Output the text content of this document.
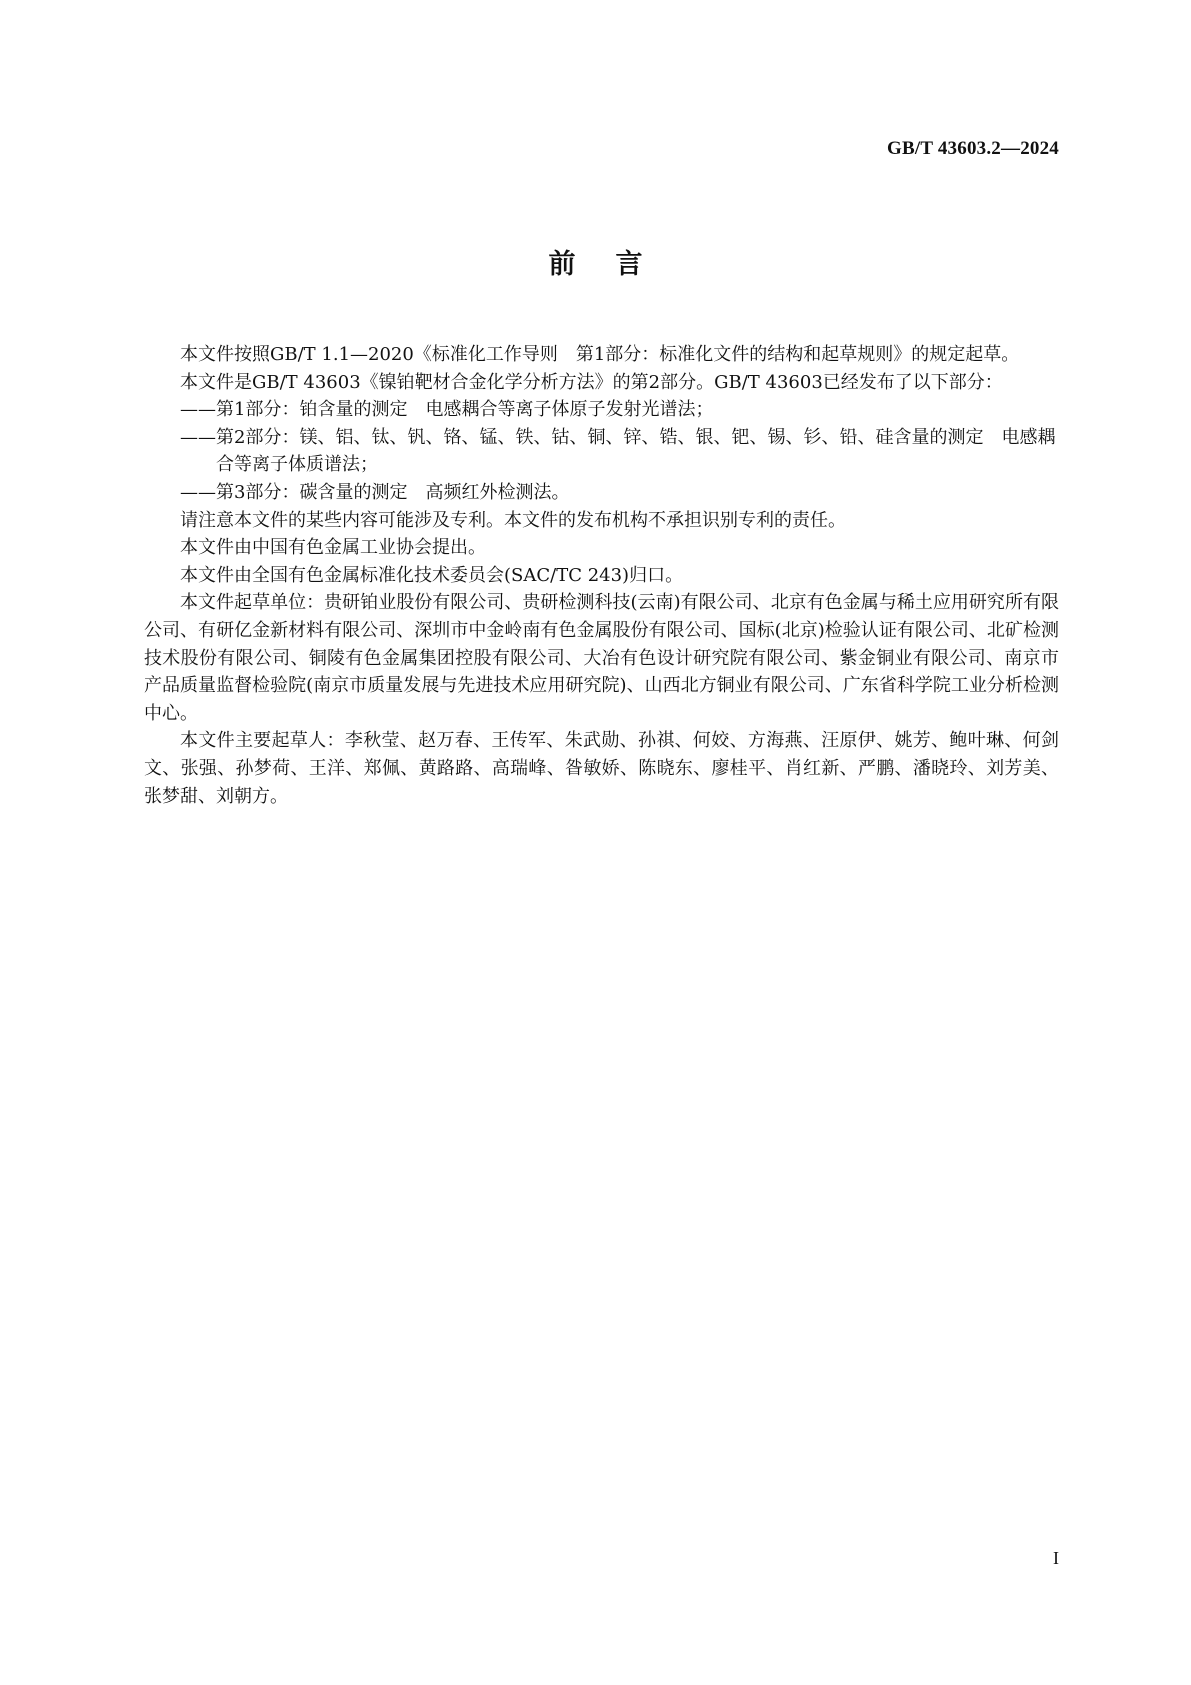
GB/T 43603.2—2024
前言

本文件按照GB/T 1.1—2020《标准化工作导则　第1部分：标准化文件的结构和起草规则》的规定起草。

本文件是GB/T 43603《镍铂靶材合金化学分析方法》的第2部分。GB/T 43603已经发布了以下部分：

——第1部分：铂含量的测定　电感耦合等离子体原子发射光谱法；

——第2部分：镁、铝、钛、钒、铬、锰、铁、钴、铜、锌、锆、银、钯、锡、钐、铅、硅含量的测定　电感耦合等离子体质谱法；

——第3部分：碳含量的测定　高频红外检测法。

请注意本文件的某些内容可能涉及专利。本文件的发布机构不承担识别专利的责任。

本文件由中国有色金属工业协会提出。

本文件由全国有色金属标准化技术委员会(SAC/TC 243)归口。

本文件起草单位：贵研铂业股份有限公司、贵研检测科技(云南)有限公司、北京有色金属与稀土应用研究所有限公司、有研亿金新材料有限公司、深圳市中金岭南有色金属股份有限公司、国标(北京)检验认证有限公司、北矿检测技术股份有限公司、铜陵有色金属集团控股有限公司、大冶有色设计研究院有限公司、紫金铜业有限公司、南京市产品质量监督检验院(南京市质量发展与先进技术应用研究院)、山西北方铜业有限公司、广东省科学院工业分析检测中心。

本文件主要起草人：李秋莹、赵万春、王传军、朱武勋、孙祺、何姣、方海燕、汪原伊、姚芳、鲍叶琳、何剑文、张强、孙梦荷、王洋、郑佩、黄路路、高瑞峰、昝敏娇、陈晓东、廖桂平、肖红新、严鹏、潘晓玲、刘芳美、张梦甜、刘朝方。

I
